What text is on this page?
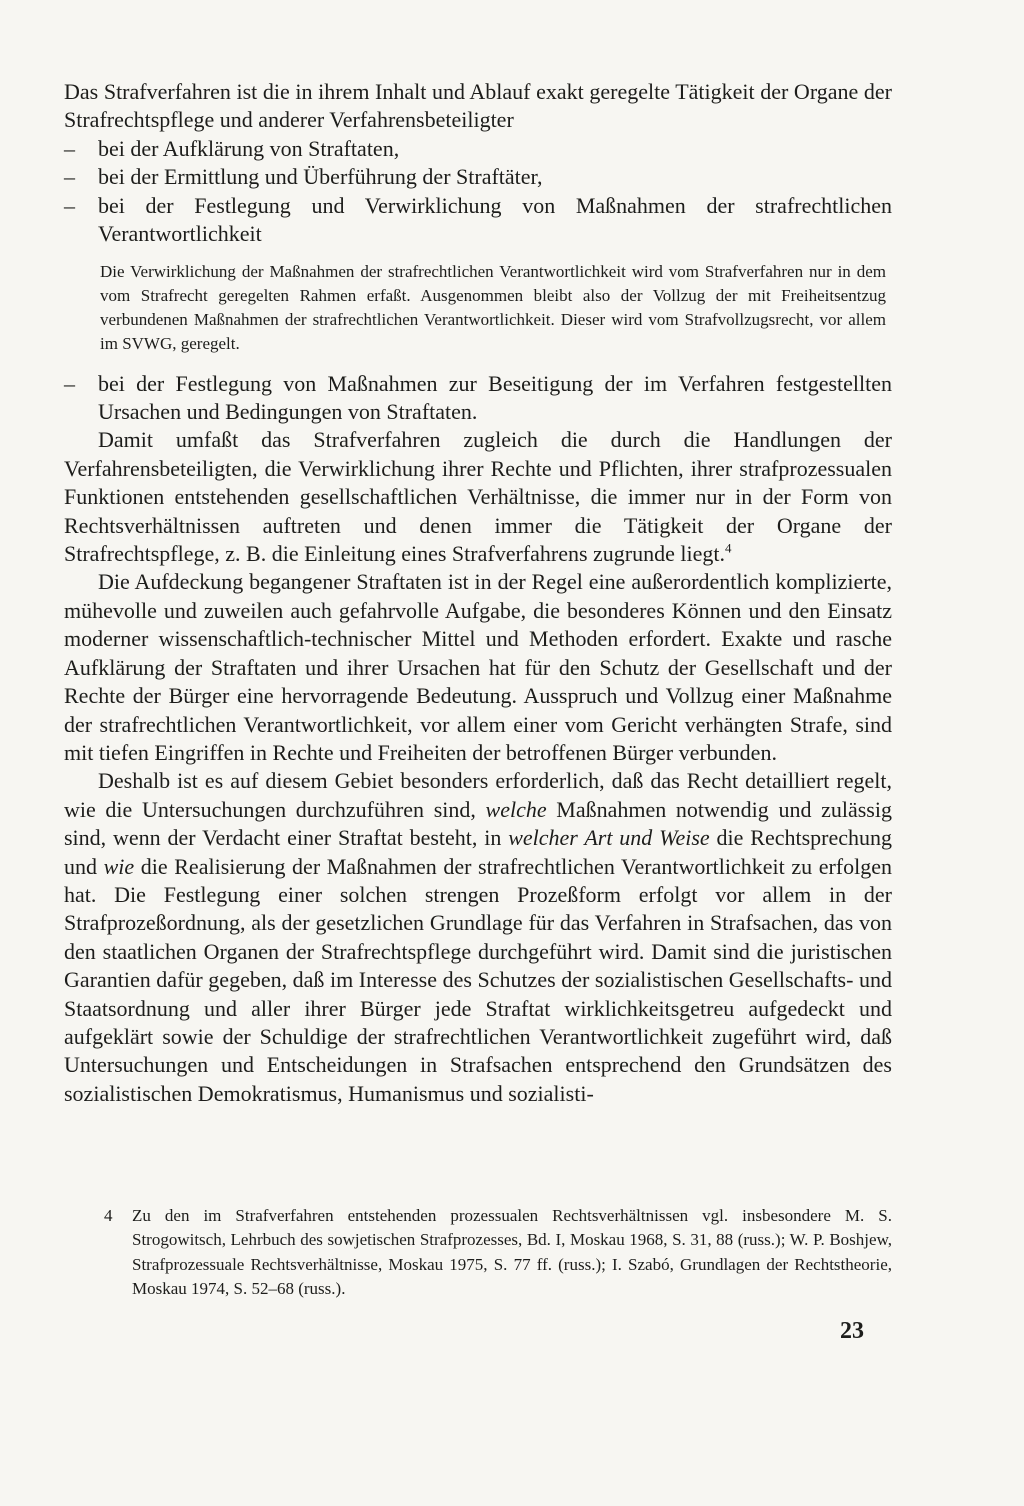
Das Strafverfahren ist die in ihrem Inhalt und Ablauf exakt geregelte Tätigkeit der Organe der Strafrechtspflege und anderer Verfahrensbeteiligter

– bei der Aufklärung von Straftaten,

– bei der Ermittlung und Überführung der Straftäter,

– bei der Festlegung und Verwirklichung von Maßnahmen der strafrechtlichen Verantwortlichkeit

Die Verwirklichung der Maßnahmen der strafrechtlichen Verantwortlichkeit wird vom Strafverfahren nur in dem vom Strafrecht geregelten Rahmen erfaßt. Ausgenommen bleibt also der Vollzug der mit Freiheitsentzug verbundenen Maßnahmen der strafrechtlichen Verantwortlichkeit. Dieser wird vom Strafvollzugsrecht, vor allem im SVWG, geregelt.

– bei der Festlegung von Maßnahmen zur Beseitigung der im Verfahren festgestellten Ursachen und Bedingungen von Straftaten.

Damit umfaßt das Strafverfahren zugleich die durch die Handlungen der Verfahrensbeteiligten, die Verwirklichung ihrer Rechte und Pflichten, ihrer strafprozessualen Funktionen entstehenden gesellschaftlichen Verhältnisse, die immer nur in der Form von Rechtsverhältnissen auftreten und denen immer die Tätigkeit der Organe der Strafrechtspflege, z. B. die Einleitung eines Strafverfahrens zugrunde liegt.$^4$

Die Aufdeckung begangener Straftaten ist in der Regel eine außerordentlich komplizierte, mühevolle und zuweilen auch gefahrvolle Aufgabe, die besonderes Können und den Einsatz moderner wissenschaftlich-technischer Mittel und Methoden erfordert. Exakte und rasche Aufklärung der Straftaten und ihrer Ursachen hat für den Schutz der Gesellschaft und der Rechte der Bürger eine hervorragende Bedeutung. Ausspruch und Vollzug einer Maßnahme der strafrechtlichen Verantwortlichkeit, vor allem einer vom Gericht verhängten Strafe, sind mit tiefen Eingriffen in Rechte und Freiheiten der betroffenen Bürger verbunden.

Deshalb ist es auf diesem Gebiet besonders erforderlich, daß das Recht detailliert regelt, wie die Untersuchungen durchzuführen sind, welche Maßnahmen notwendig und zulässig sind, wenn der Verdacht einer Straftat besteht, in welcher Art und Weise die Rechtsprechung und wie die Realisierung der Maßnahmen der strafrechtlichen Verantwortlichkeit zu erfolgen hat. Die Festlegung einer solchen strengen Prozeßform erfolgt vor allem in der Strafprozeßordnung, als der gesetzlichen Grundlage für das Verfahren in Strafsachen, das von den staatlichen Organen der Strafrechtspflege durchgeführt wird. Damit sind die juristischen Garantien dafür gegeben, daß im Interesse des Schutzes der sozialistischen Gesellschafts- und Staatsordnung und aller ihrer Bürger jede Straftat wirklichkeitsgetreu aufgedeckt und aufgeklärt sowie der Schuldige der strafrechtlichen Verantwortlichkeit zugeführt wird, daß Untersuchungen und Entscheidungen in Strafsachen entsprechend den Grundsätzen des sozialistischen Demokratismus, Humanismus und sozialisti-

4 Zu den im Strafverfahren entstehenden prozessualen Rechtsverhältnissen vgl. insbesondere M. S. Strogowitsch, Lehrbuch des sowjetischen Strafprozesses, Bd. I, Moskau 1968, S. 31, 88 (russ.); W. P. Boshjew, Strafprozessuale Rechtsverhältnisse, Moskau 1975, S. 77 ff. (russ.); I. Szabó, Grundlagen der Rechtstheorie, Moskau 1974, S. 52–68 (russ.).

23
